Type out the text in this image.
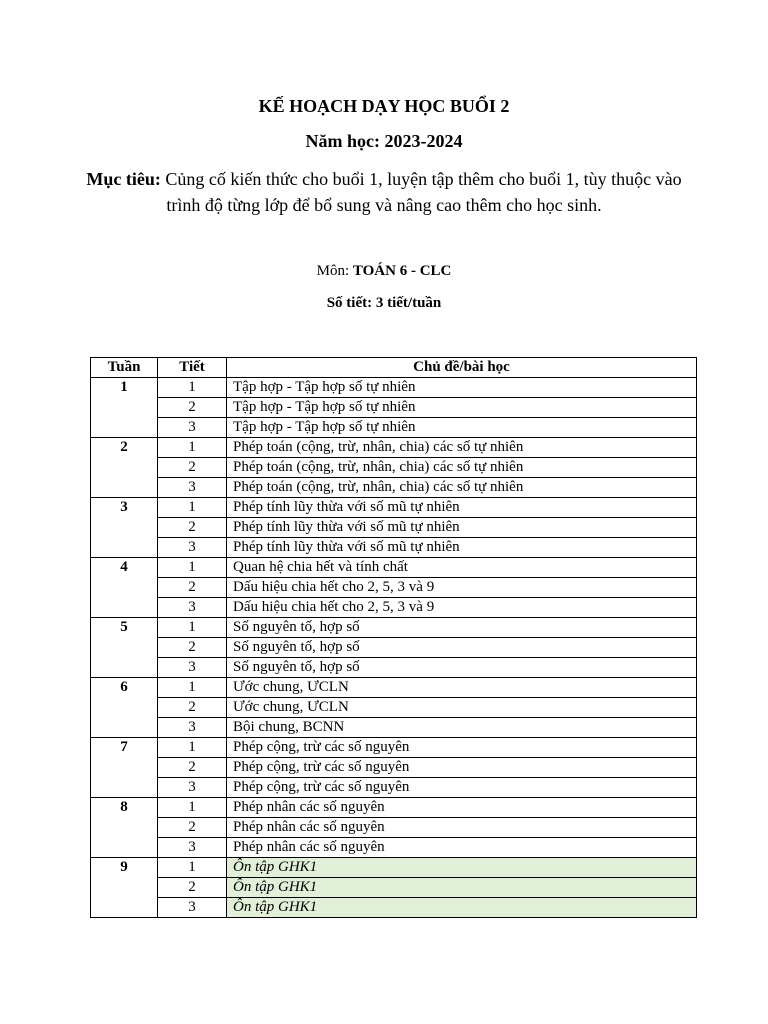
KẾ HOẠCH DẠY HỌC BUỔI 2
Năm học: 2023-2024
Mục tiêu: Củng cố kiến thức cho buổi 1, luyện tập thêm cho buổi 1, tùy thuộc vào trình độ từng lớp để bổ sung và nâng cao thêm cho học sinh.
Môn: TOÁN 6 - CLC
Số tiết: 3 tiết/tuần
Tuần	Tiết	Chủ đề/bài học
1	1	Tập hợp - Tập hợp số tự nhiên
	2	Tập hợp - Tập hợp số tự nhiên
	3	Tập hợp - Tập hợp số tự nhiên
2	1	Phép toán (cộng, trừ, nhân, chia) các số tự nhiên
	2	Phép toán (cộng, trừ, nhân, chia) các số tự nhiên
	3	Phép toán (cộng, trừ, nhân, chia) các số tự nhiên
3	1	Phép tính lũy thừa với số mũ tự nhiên
	2	Phép tính lũy thừa với số mũ tự nhiên
	3	Phép tính lũy thừa với số mũ tự nhiên
4	1	Quan hệ chia hết và tính chất
	2	Dấu hiệu chia hết cho 2, 5, 3 và 9
	3	Dấu hiệu chia hết cho 2, 5, 3 và 9
5	1	Số nguyên tố, hợp số
	2	Số nguyên tố, hợp số
	3	Số nguyên tố, hợp số
6	1	Ước chung, ƯCLN
	2	Ước chung, ƯCLN
	3	Bội chung, BCNN
7	1	Phép cộng, trừ các số nguyên
	2	Phép cộng, trừ các số nguyên
	3	Phép cộng, trừ các số nguyên
8	1	Phép nhân các số nguyên
	2	Phép nhân các số nguyên
	3	Phép nhân các số nguyên
9	1	Ôn tập GHK1
	2	Ôn tập GHK1
	3	Ôn tập GHK1
